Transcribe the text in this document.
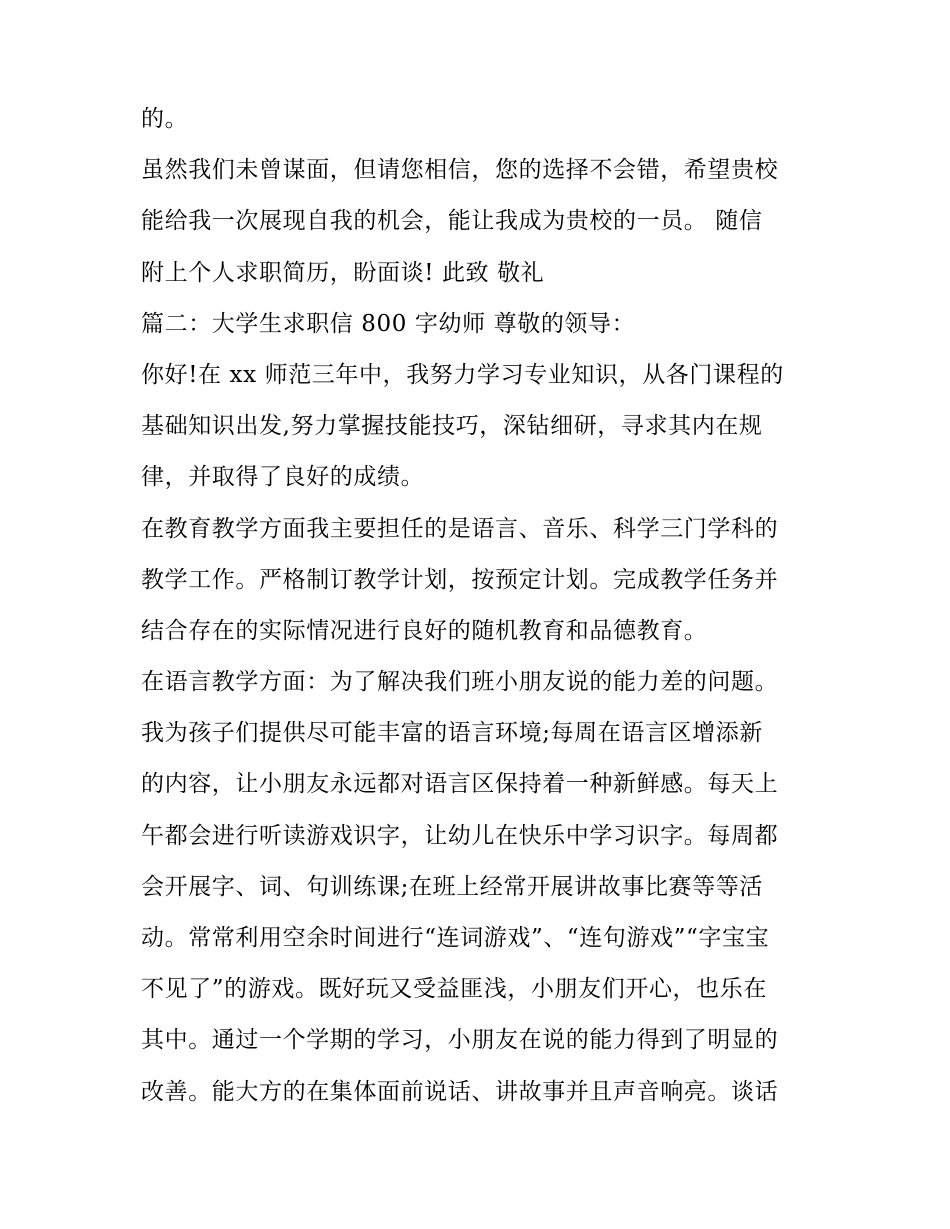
的。
虽然我们未曾谋面，但请您相信，您的选择不会错，希望贵校
能给我一次展现自我的机会，能让我成为贵校的一员。 随信
附上个人求职简历，盼面谈! 此致 敬礼
篇二：大学生求职信 800 字幼师 尊敬的领导：
你好!在 xx 师范三年中，我努力学习专业知识，从各门课程的
基础知识出发,努力掌握技能技巧，深钻细研，寻求其内在规
律，并取得了良好的成绩。
在教育教学方面我主要担任的是语言、音乐、科学三门学科的
教学工作。严格制订教学计划，按预定计划。完成教学任务并
结合存在的实际情况进行良好的随机教育和品德教育。
在语言教学方面：为了解决我们班小朋友说的能力差的问题。
我为孩子们提供尽可能丰富的语言环境;每周在语言区增添新
的内容，让小朋友永远都对语言区保持着一种新鲜感。每天上
午都会进行听读游戏识字，让幼儿在快乐中学习识字。每周都
会开展字、词、句训练课;在班上经常开展讲故事比赛等等活
动。常常利用空余时间进行“连词游戏”、“连句游戏”“字宝宝
不见了”的游戏。既好玩又受益匪浅，小朋友们开心，也乐在
其中。通过一个学期的学习，小朋友在说的能力得到了明显的
改善。能大方的在集体面前说话、讲故事并且声音响亮。谈话
